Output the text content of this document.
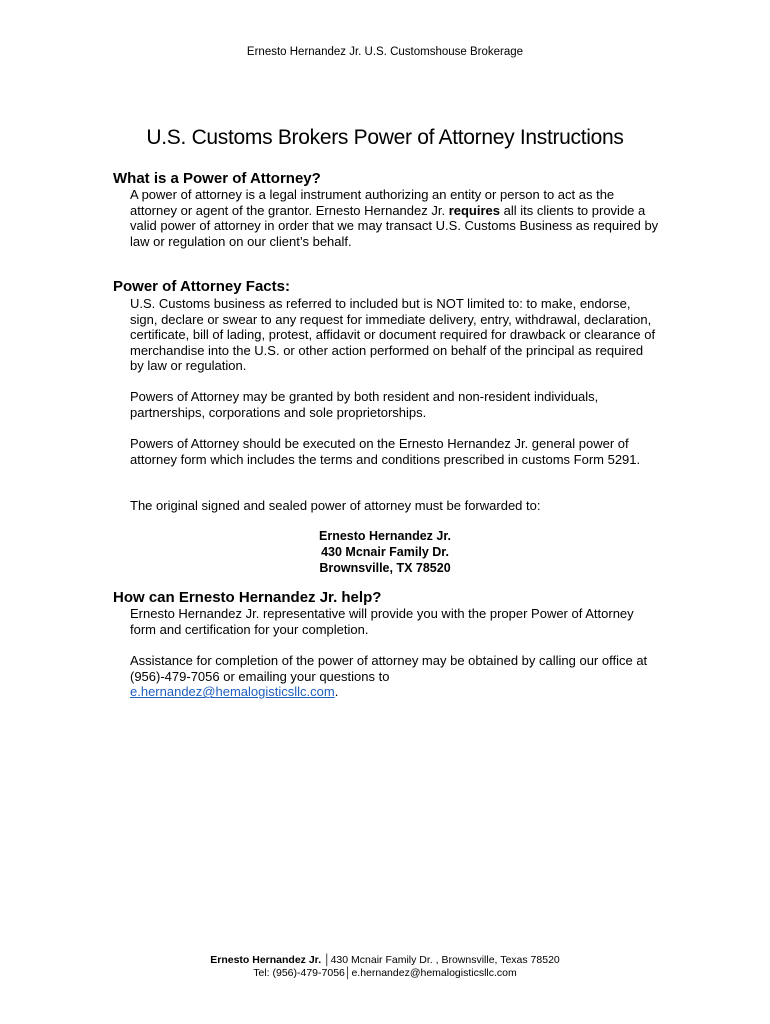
Ernesto Hernandez Jr. U.S. Customshouse Brokerage
U.S. Customs Brokers Power of Attorney Instructions
What is a Power of Attorney?

A power of attorney is a legal instrument authorizing an entity or person to act as the attorney or agent of the grantor. Ernesto Hernandez Jr. requires all its clients to provide a valid power of attorney in order that we may transact U.S. Customs Business as required by law or regulation on our client’s behalf.

Power of Attorney Facts:

U.S. Customs business as referred to included but is NOT limited to: to make, endorse, sign, declare or swear to any request for immediate delivery, entry, withdrawal, declaration, certificate, bill of lading, protest, affidavit or document required for drawback or clearance of merchandise into the U.S. or other action performed on behalf of the principal as required by law or regulation.

Powers of Attorney may be granted by both resident and non-resident individuals, partnerships, corporations and sole proprietorships.

Powers of Attorney should be executed on the Ernesto Hernandez Jr. general power of attorney form which includes the terms and conditions prescribed in customs Form 5291.

The original signed and sealed power of attorney must be forwarded to:

Ernesto Hernandez Jr.
430 Mcnair Family Dr.
Brownsville, TX 78520
How can Ernesto Hernandez Jr. help?

Ernesto Hernandez Jr. representative will provide you with the proper Power of Attorney form and certification for your completion.

Assistance for completion of the power of attorney may be obtained by calling our office at (956)-479-7056 or emailing your questions to
e.hernandez@hemalogisticsllc.com.

Ernesto Hernandez Jr. │430 Mcnair Family Dr. , Brownsville, Texas 78520
Tel: (956)-479-7056│e.hernandez@hemalogisticsllc.com
